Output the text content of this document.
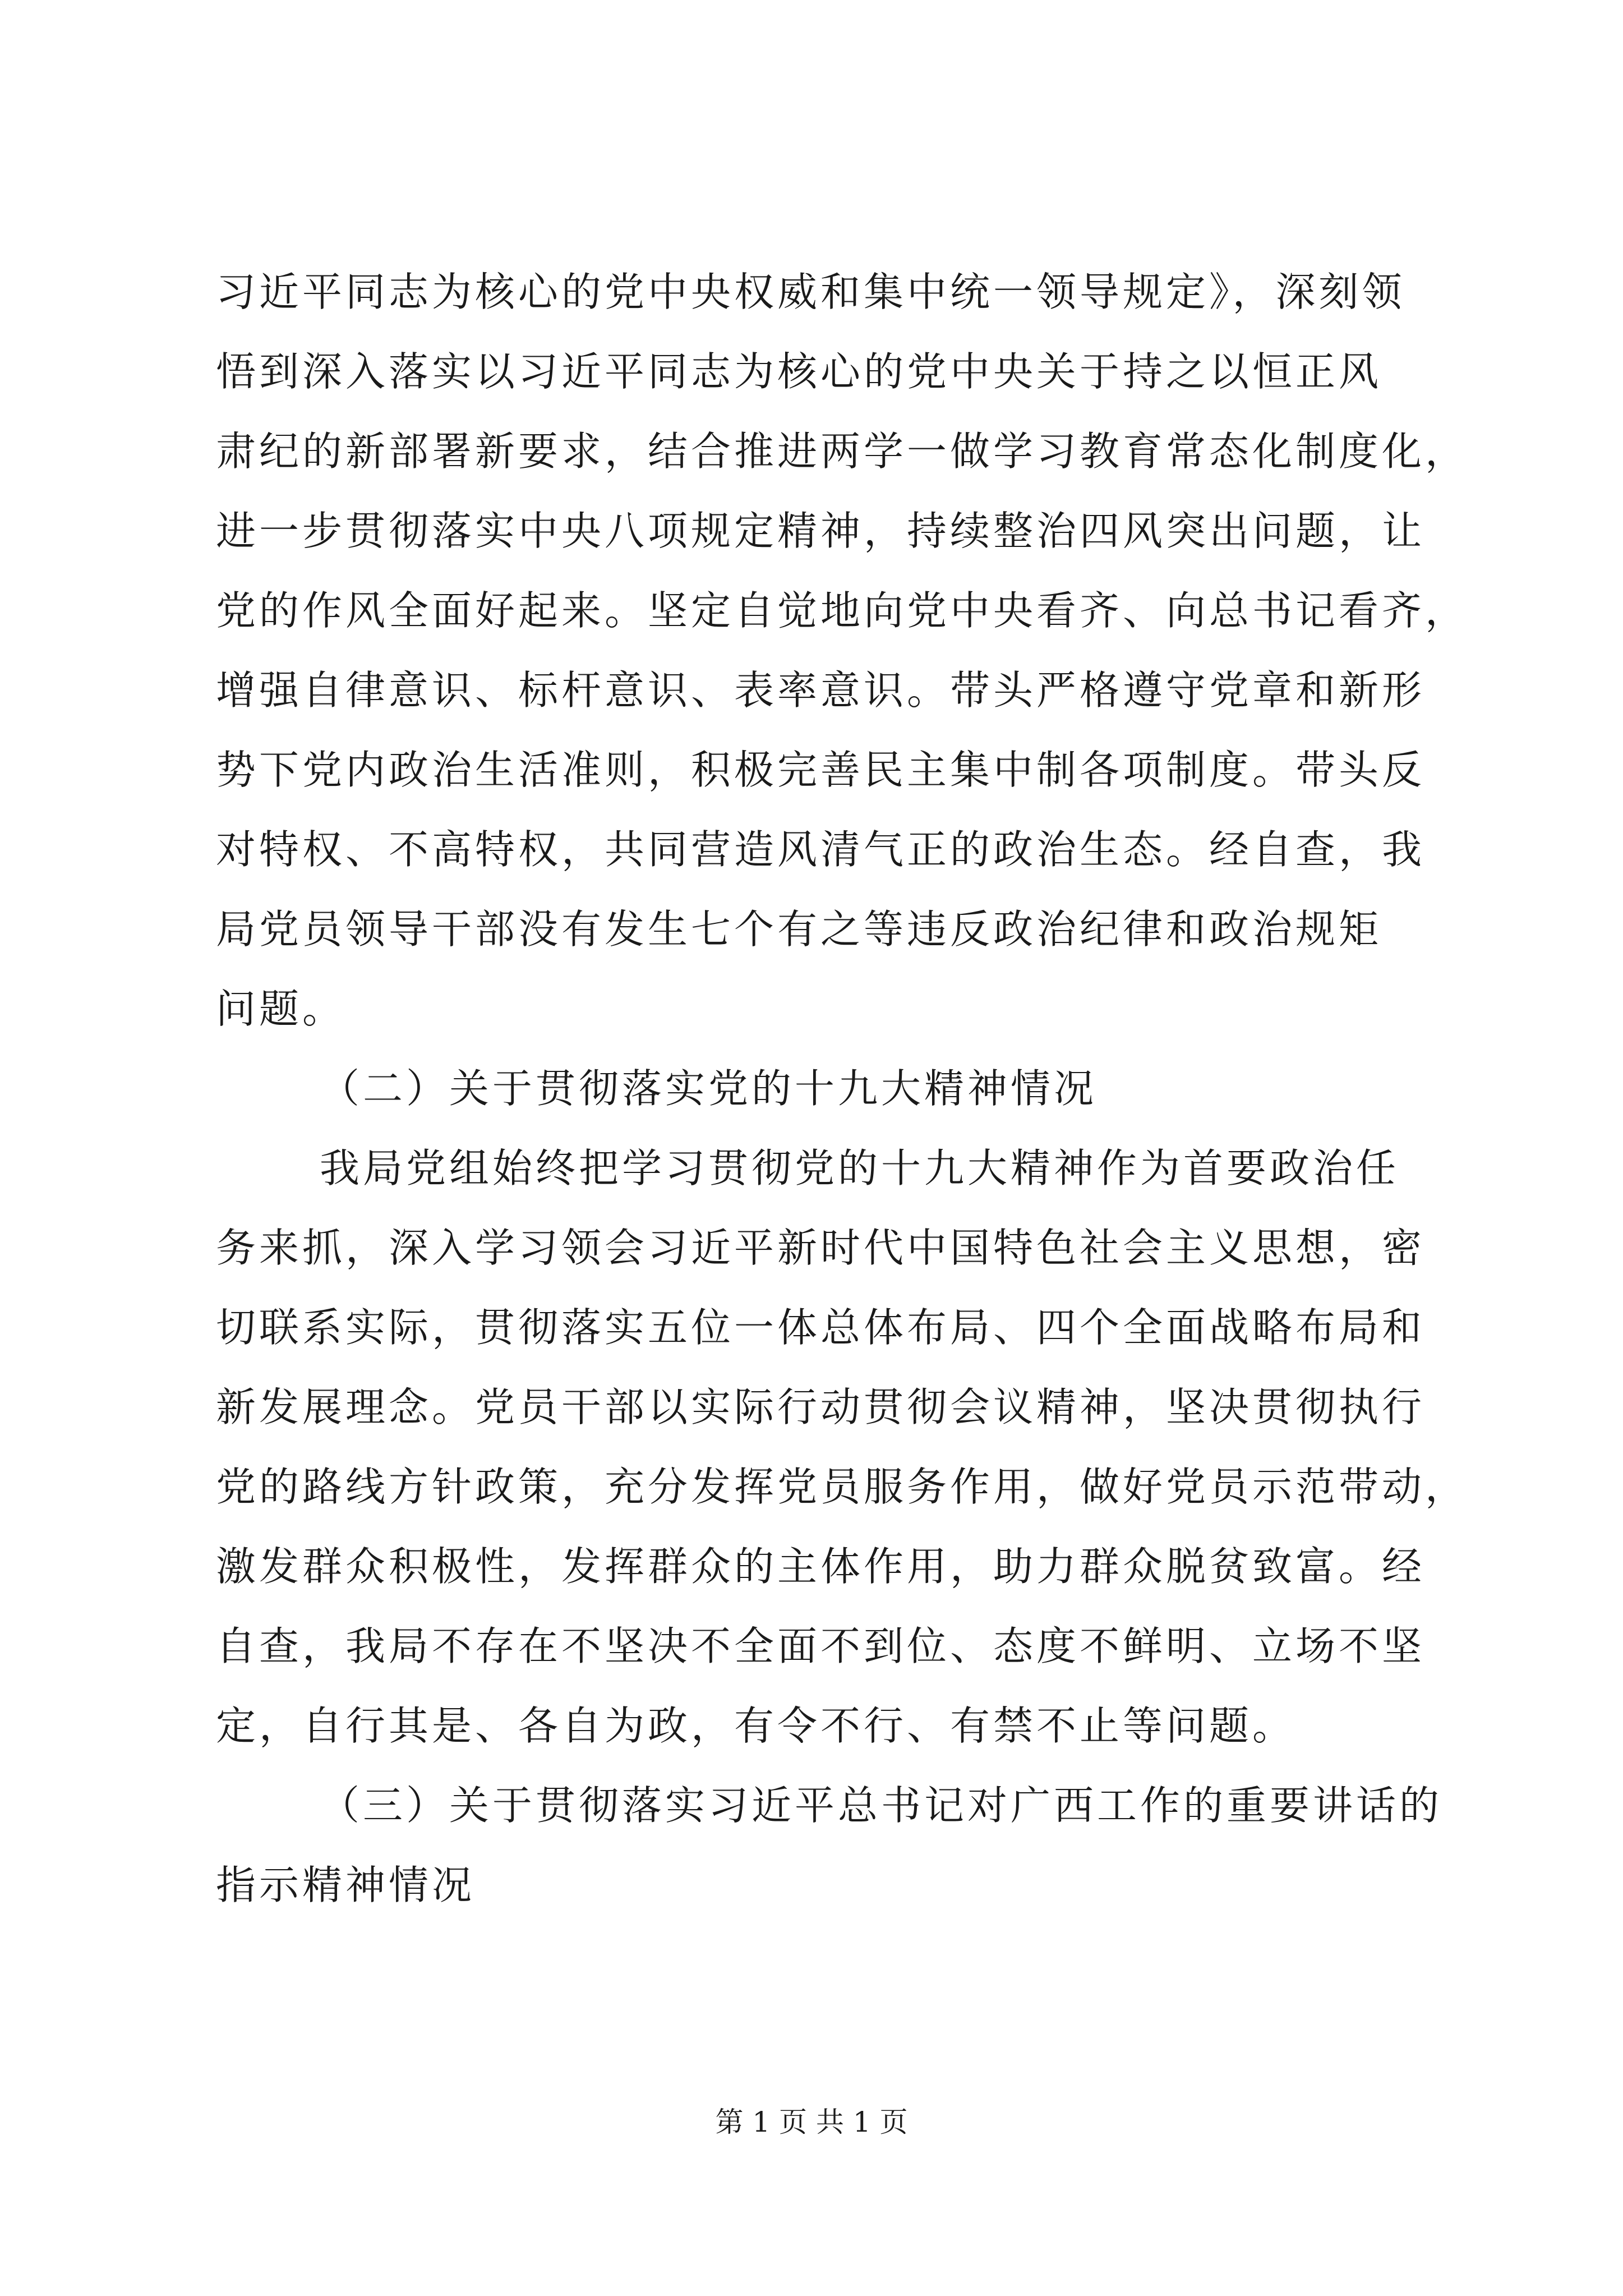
习近平同志为核心的党中央权威和集中统一领导规定》，深刻领
悟到深入落实以习近平同志为核心的党中央关于持之以恒正风
肃纪的新部署新要求，结合推进两学一做学习教育常态化制度化，
进一步贯彻落实中央八项规定精神，持续整治四风突出问题，让
党的作风全面好起来。坚定自觉地向党中央看齐、向总书记看齐，
增强自律意识、标杆意识、表率意识。带头严格遵守党章和新形
势下党内政治生活准则，积极完善民主集中制各项制度。带头反
对特权、不高特权，共同营造风清气正的政治生态。经自查，我
局党员领导干部没有发生七个有之等违反政治纪律和政治规矩
问题。
（二）关于贯彻落实党的十九大精神情况
我局党组始终把学习贯彻党的十九大精神作为首要政治任
务来抓，深入学习领会习近平新时代中国特色社会主义思想，密
切联系实际，贯彻落实五位一体总体布局、四个全面战略布局和
新发展理念。党员干部以实际行动贯彻会议精神，坚决贯彻执行
党的路线方针政策，充分发挥党员服务作用，做好党员示范带动，
激发群众积极性，发挥群众的主体作用，助力群众脱贫致富。经
自查，我局不存在不坚决不全面不到位、态度不鲜明、立场不坚
定，自行其是、各自为政，有令不行、有禁不止等问题。
（三）关于贯彻落实习近平总书记对广西工作的重要讲话的
指示精神情况
第 1 页 共 1 页
